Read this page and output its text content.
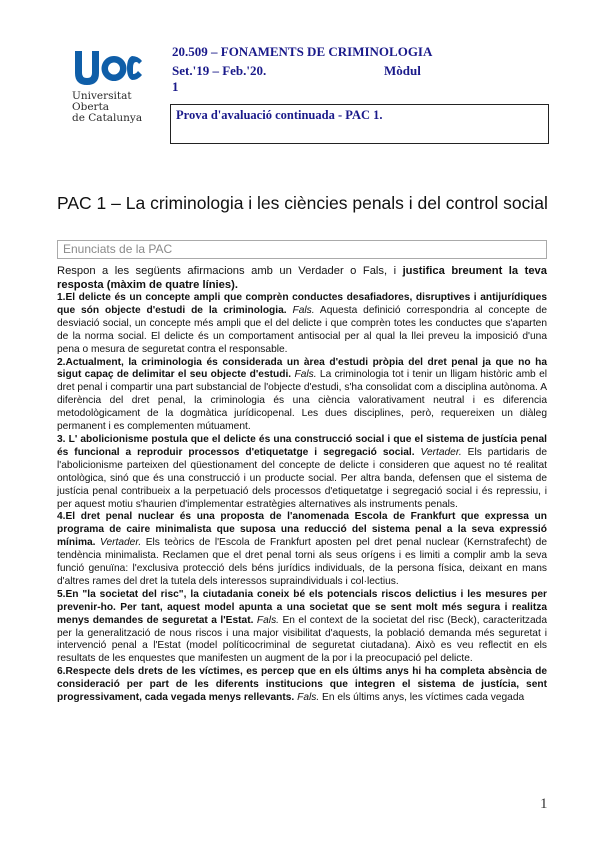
Universitat
Oberta
de Catalunya
20.509 – FONAMENTS DE CRIMINOLOGIA
Set.'19 – Feb.'20.	Mòdul
1
Prova d'avaluació continuada - PAC 1.
PAC 1 – La criminologia i les ciències penals i del control social
Enunciats de la PAC

Respon a les següents afirmacions amb un Verdader o Fals, i justifica breument la teva resposta (màxim de quatre línies).

1.El delicte és un concepte ampli que comprèn conductes desafiadores, disruptives i antijurídiques que són objecte d'estudi de la criminologia. Fals. Aquesta definició correspondria al concepte de desviació social, un concepte més ampli que el del delicte i que comprèn totes les conductes que s'aparten de la norma social. El delicte és un comportament antisocial per al qual la llei preveu la imposició d'una pena o mesura de seguretat contra el responsable.

2.Actualment, la criminologia és considerada un àrea d'estudi pròpia del dret penal ja que no ha sigut capaç de delimitar el seu objecte d'estudi. Fals. La criminologia tot i tenir un lligam històric amb el dret penal i compartir una part substancial de l'objecte d'estudi, s'ha consolidat com a disciplina autònoma. A diferència del dret penal, la criminologia és una ciència valorativament neutral i es diferencia metodològicament de la dogmàtica jurídicopenal. Les dues disciplines, però, requereixen un diàleg permanent i es complementen mútuament.

3. L' abolicionisme postula que el delicte és una construcció social i que el sistema de justícia penal és funcional a reproduir processos d'etiquetatge i segregació social. Vertader. Els partidaris de l'abolicionisme parteixen del qüestionament del concepte de delicte i consideren que aquest no té realitat ontològica, sinó que és una construcció i un producte social. Per altra banda, defensen que el sistema de justícia penal contribueix a la perpetuació dels processos d'etiquetatge i segregació social i és repressiu, i per aquest motiu s'haurien d'implementar estratègies alternatives als instruments penals.

4.El dret penal nuclear és una proposta de l'anomenada Escola de Frankfurt que expressa un programa de caire minimalista que suposa una reducció del sistema penal a la seva expressió mínima. Vertader. Els teòrics de l'Escola de Frankfurt aposten pel dret penal nuclear (Kernstrafecht) de tendència minimalista. Reclamen que el dret penal torni als seus orígens i es limiti a complir amb la seva funció genuïna: l'exclusiva protecció dels béns jurídics individuals, de la persona física, deixant en mans d'altres rames del dret la tutela dels interessos supraindividuals i col·lectius.

5.En "la societat del risc", la ciutadania coneix bé els potencials riscos delictius i les mesures per prevenir-ho. Per tant, aquest model apunta a una societat que se sent molt més segura i realitza menys demandes de seguretat a l'Estat. Fals. En el context de la societat del risc (Beck), caracteritzada per la generalització de nous riscos i una major visibilitat d'aquests, la població demanda més seguretat i intervenció penal a l'Estat (model políticocriminal de seguretat ciutadana). Això es veu reflectit en els resultats de les enquestes que manifesten un augment de la por i la preocupació pel delicte.

6.Respecte dels drets de les víctimes, es percep que en els últims anys hi ha completa absència de consideració per part de les diferents institucions que integren el sistema de justícia, sent progressivament, cada vegada menys rellevants. Fals. En els últims anys, les víctimes cada vegada

1
